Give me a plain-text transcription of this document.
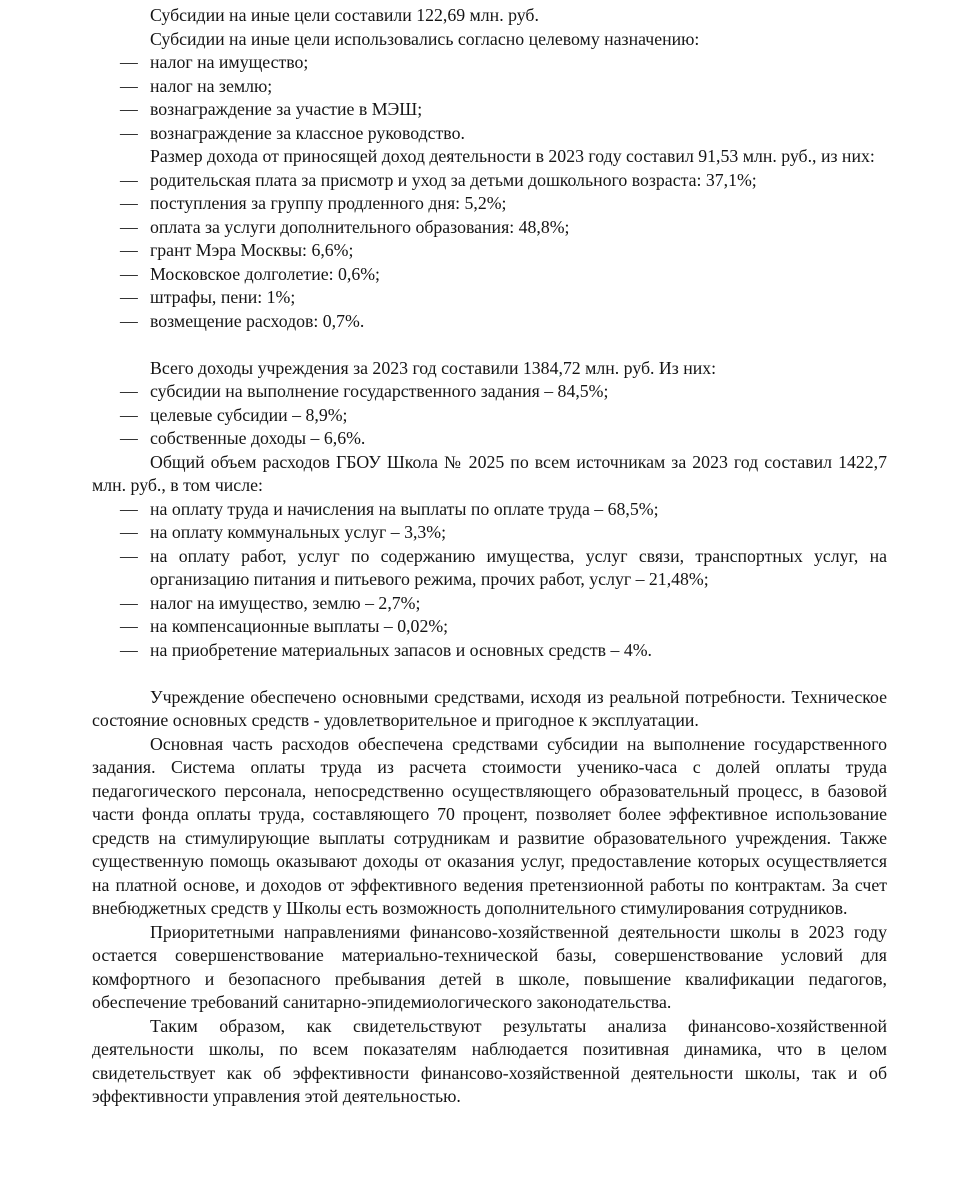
Субсидии на иные цели составили 122,69 млн. руб.

Субсидии на иные цели использовались согласно целевому назначению:

— налог на имущество;
— налог на землю;
— вознаграждение за участие в МЭШ;
— вознаграждение за классное руководство.

Размер дохода от приносящей доход деятельности в 2023 году составил 91,53 млн. руб., из них:

— родительская плата за присмотр и уход за детьми дошкольного возраста: 37,1%;
— поступления за группу продленного дня: 5,2%;
— оплата за услуги дополнительного образования: 48,8%;
— грант Мэра Москвы: 6,6%;
— Московское долголетие: 0,6%;
— штрафы, пени: 1%;
— возмещение расходов: 0,7%.

Всего доходы учреждения за 2023 год составили 1384,72 млн. руб. Из них:

— субсидии на выполнение государственного задания – 84,5%;
— целевые субсидии – 8,9%;
— собственные доходы – 6,6%.

Общий объем расходов ГБОУ Школа № 2025 по всем источникам за 2023 год составил 1422,7 млн. руб., в том числе:

— на оплату труда и начисления на выплаты по оплате труда – 68,5%;
— на оплату коммунальных услуг – 3,3%;
— на оплату работ, услуг по содержанию имущества, услуг связи, транспортных услуг, на организацию питания и питьевого режима, прочих работ, услуг – 21,48%;
— налог на имущество, землю – 2,7%;
— на компенсационные выплаты – 0,02%;
— на приобретение материальных запасов и основных средств – 4%.

Учреждение обеспечено основными средствами, исходя из реальной потребности. Техническое состояние основных средств - удовлетворительное и пригодное к эксплуатации.

Основная часть расходов обеспечена средствами субсидии на выполнение государственного задания. Система оплаты труда из расчета стоимости ученико-часа с долей оплаты труда педагогического персонала, непосредственно осуществляющего образовательный процесс, в базовой части фонда оплаты труда, составляющего 70 процент, позволяет более эффективное использование средств на стимулирующие выплаты сотрудникам и развитие образовательного учреждения. Также существенную помощь оказывают доходы от оказания услуг, предоставление которых осуществляется на платной основе, и доходов от эффективного ведения претензионной работы по контрактам. За счет внебюджетных средств у Школы есть возможность дополнительного стимулирования сотрудников.

Приоритетными направлениями финансово-хозяйственной деятельности школы в 2023 году остается совершенствование материально-технической базы, совершенствование условий для комфортного и безопасного пребывания детей в школе, повышение квалификации педагогов, обеспечение требований санитарно-эпидемиологического законодательства.

Таким образом, как свидетельствуют результаты анализа финансово-хозяйственной деятельности школы, по всем показателям наблюдается позитивная динамика, что в целом свидетельствует как об эффективности финансово-хозяйственной деятельности школы, так и об эффективности управления этой деятельностью.
